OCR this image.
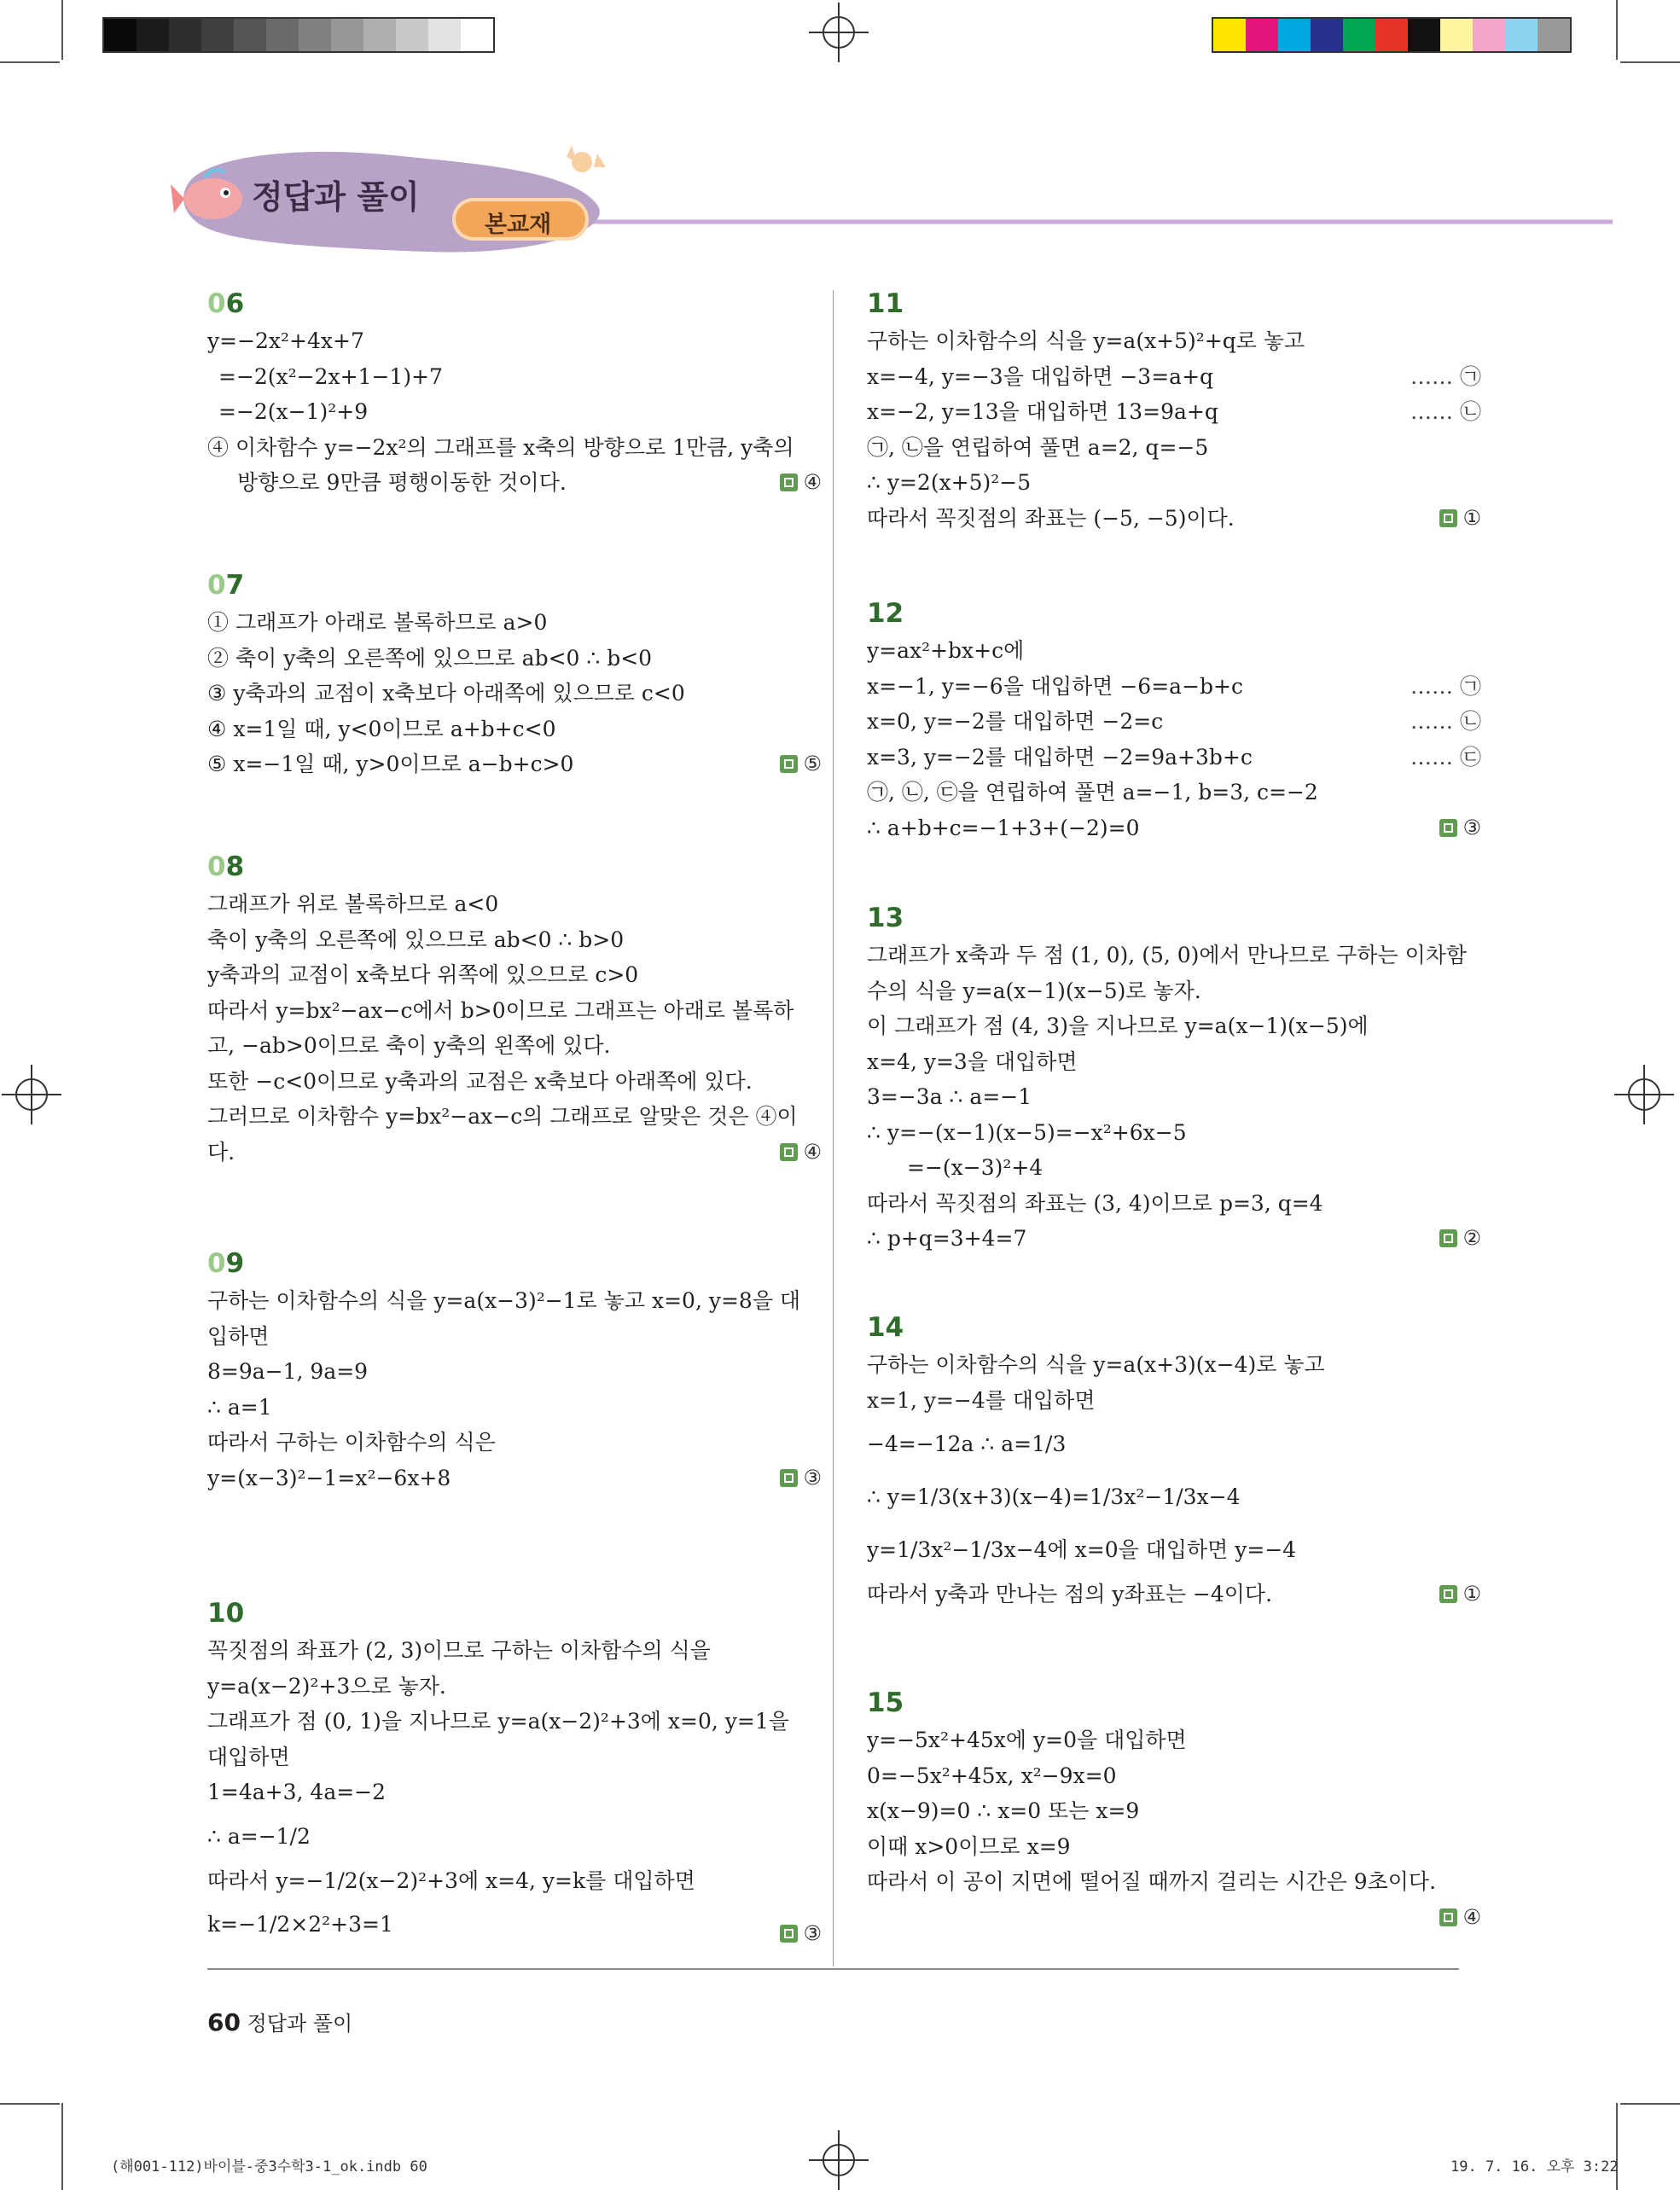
정답과 풀이
본교재
06
y=−2x²+4x+7
=−2(x²−2x+1−1)+7
=−2(x−1)²+9
④ 이차함수 y=−2x²의 그래프를 x축의 방향으로 1만큼, y축의
방향으로 9만큼 평행이동한 것이다.	④
07
① 그래프가 아래로 볼록하므로 a>0
② 축이 y축의 오른쪽에 있으므로 ab<0 ∴ b<0
③ y축과의 교점이 x축보다 아래쪽에 있으므로 c<0
④ x=1일 때, y<0이므로 a+b+c<0
⑤ x=−1일 때, y>0이므로 a−b+c>0	⑤
08
그래프가 위로 볼록하므로 a<0
축이 y축의 오른쪽에 있으므로 ab<0 ∴ b>0
y축과의 교점이 x축보다 위쪽에 있으므로 c>0
따라서 y=bx²−ax−c에서 b>0이므로 그래프는 아래로 볼록하
고, −ab>0이므로 축이 y축의 왼쪽에 있다.
또한 −c<0이므로 y축과의 교점은 x축보다 아래쪽에 있다.
그러므로 이차함수 y=bx²−ax−c의 그래프로 알맞은 것은 ④이
다.	④
09
구하는 이차함수의 식을 y=a(x−3)²−1로 놓고 x=0, y=8을 대
입하면
8=9a−1, 9a=9
∴ a=1
따라서 구하는 이차함수의 식은
y=(x−3)²−1=x²−6x+8	③
10
꼭짓점의 좌표가 (2, 3)이므로 구하는 이차함수의 식을
y=a(x−2)²+3으로 놓자.
그래프가 점 (0, 1)을 지나므로 y=a(x−2)²+3에 x=0, y=1을
대입하면
1=4a+3, 4a=−2
∴ a=−1/2
따라서 y=−1/2(x−2)²+3에 x=4, y=k를 대입하면
k=−1/2×2²+3=1	③
11
구하는 이차함수의 식을 y=a(x+5)²+q로 놓고
x=−4, y=−3을 대입하면 −3=a+q	…… ㉠
x=−2, y=13을 대입하면 13=9a+q	…… ㉡
㉠, ㉡을 연립하여 풀면 a=2, q=−5
∴ y=2(x+5)²−5
따라서 꼭짓점의 좌표는 (−5, −5)이다.	①
12
y=ax²+bx+c에
x=−1, y=−6을 대입하면 −6=a−b+c	…… ㉠
x=0, y=−2를 대입하면 −2=c	…… ㉡
x=3, y=−2를 대입하면 −2=9a+3b+c	…… ㉢
㉠, ㉡, ㉢을 연립하여 풀면 a=−1, b=3, c=−2
∴ a+b+c=−1+3+(−2)=0	③
13
그래프가 x축과 두 점 (1, 0), (5, 0)에서 만나므로 구하는 이차함
수의 식을 y=a(x−1)(x−5)로 놓자.
이 그래프가 점 (4, 3)을 지나므로 y=a(x−1)(x−5)에
x=4, y=3을 대입하면
3=−3a ∴ a=−1
∴ y=−(x−1)(x−5)=−x²+6x−5
=−(x−3)²+4
따라서 꼭짓점의 좌표는 (3, 4)이므로 p=3, q=4
∴ p+q=3+4=7	②
14
구하는 이차함수의 식을 y=a(x+3)(x−4)로 놓고
x=1, y=−4를 대입하면
−4=−12a ∴ a=1/3
∴ y=1/3(x+3)(x−4)=1/3x²−1/3x−4
y=1/3x²−1/3x−4에 x=0을 대입하면 y=−4
따라서 y축과 만나는 점의 y좌표는 −4이다.	①
15
y=−5x²+45x에 y=0을 대입하면
0=−5x²+45x, x²−9x=0
x(x−9)=0 ∴ x=0 또는 x=9
이때 x>0이므로 x=9
따라서 이 공이 지면에 떨어질 때까지 걸리는 시간은 9초이다.
④
60 정답과 풀이
(해001-112)바이블-중3수학3-1_ok.indb 60	19. 7. 16. 오후 3:22
